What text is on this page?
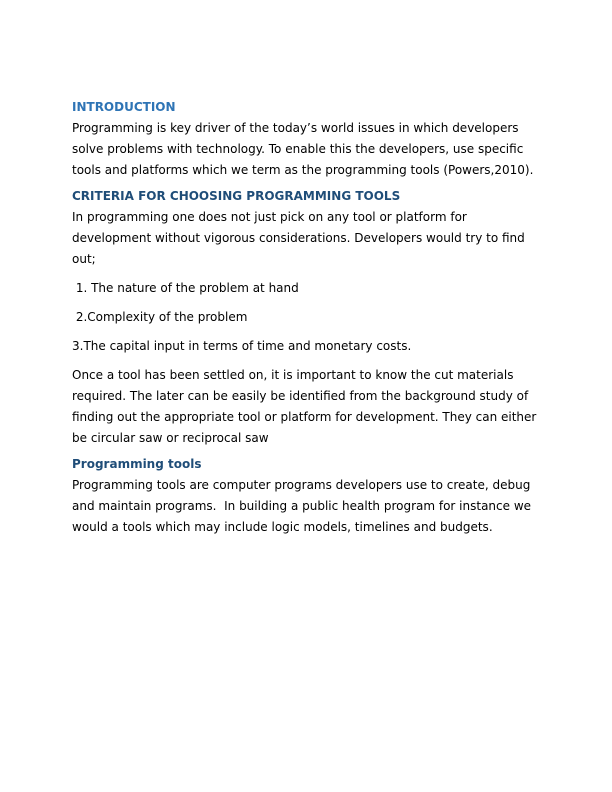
INTRODUCTION

Programming is key driver of the today’s world issues in which developers solve problems with technology. To enable this the developers, use specific tools and platforms which we term as the programming tools (Powers,2010).

CRITERIA FOR CHOOSING PROGRAMMING TOOLS

In programming one does not just pick on any tool or platform for development without vigorous considerations. Developers would try to find out;

1. The nature of the problem at hand

2.Complexity of the problem

3.The capital input in terms of time and monetary costs.

Once a tool has been settled on, it is important to know the cut materials required. The later can be easily be identified from the background study of finding out the appropriate tool or platform for development. They can either be circular saw or reciprocal saw

Programming tools

Programming tools are computer programs developers use to create, debug and maintain programs.  In building a public health program for instance we would a tools which may include logic models, timelines and budgets.
